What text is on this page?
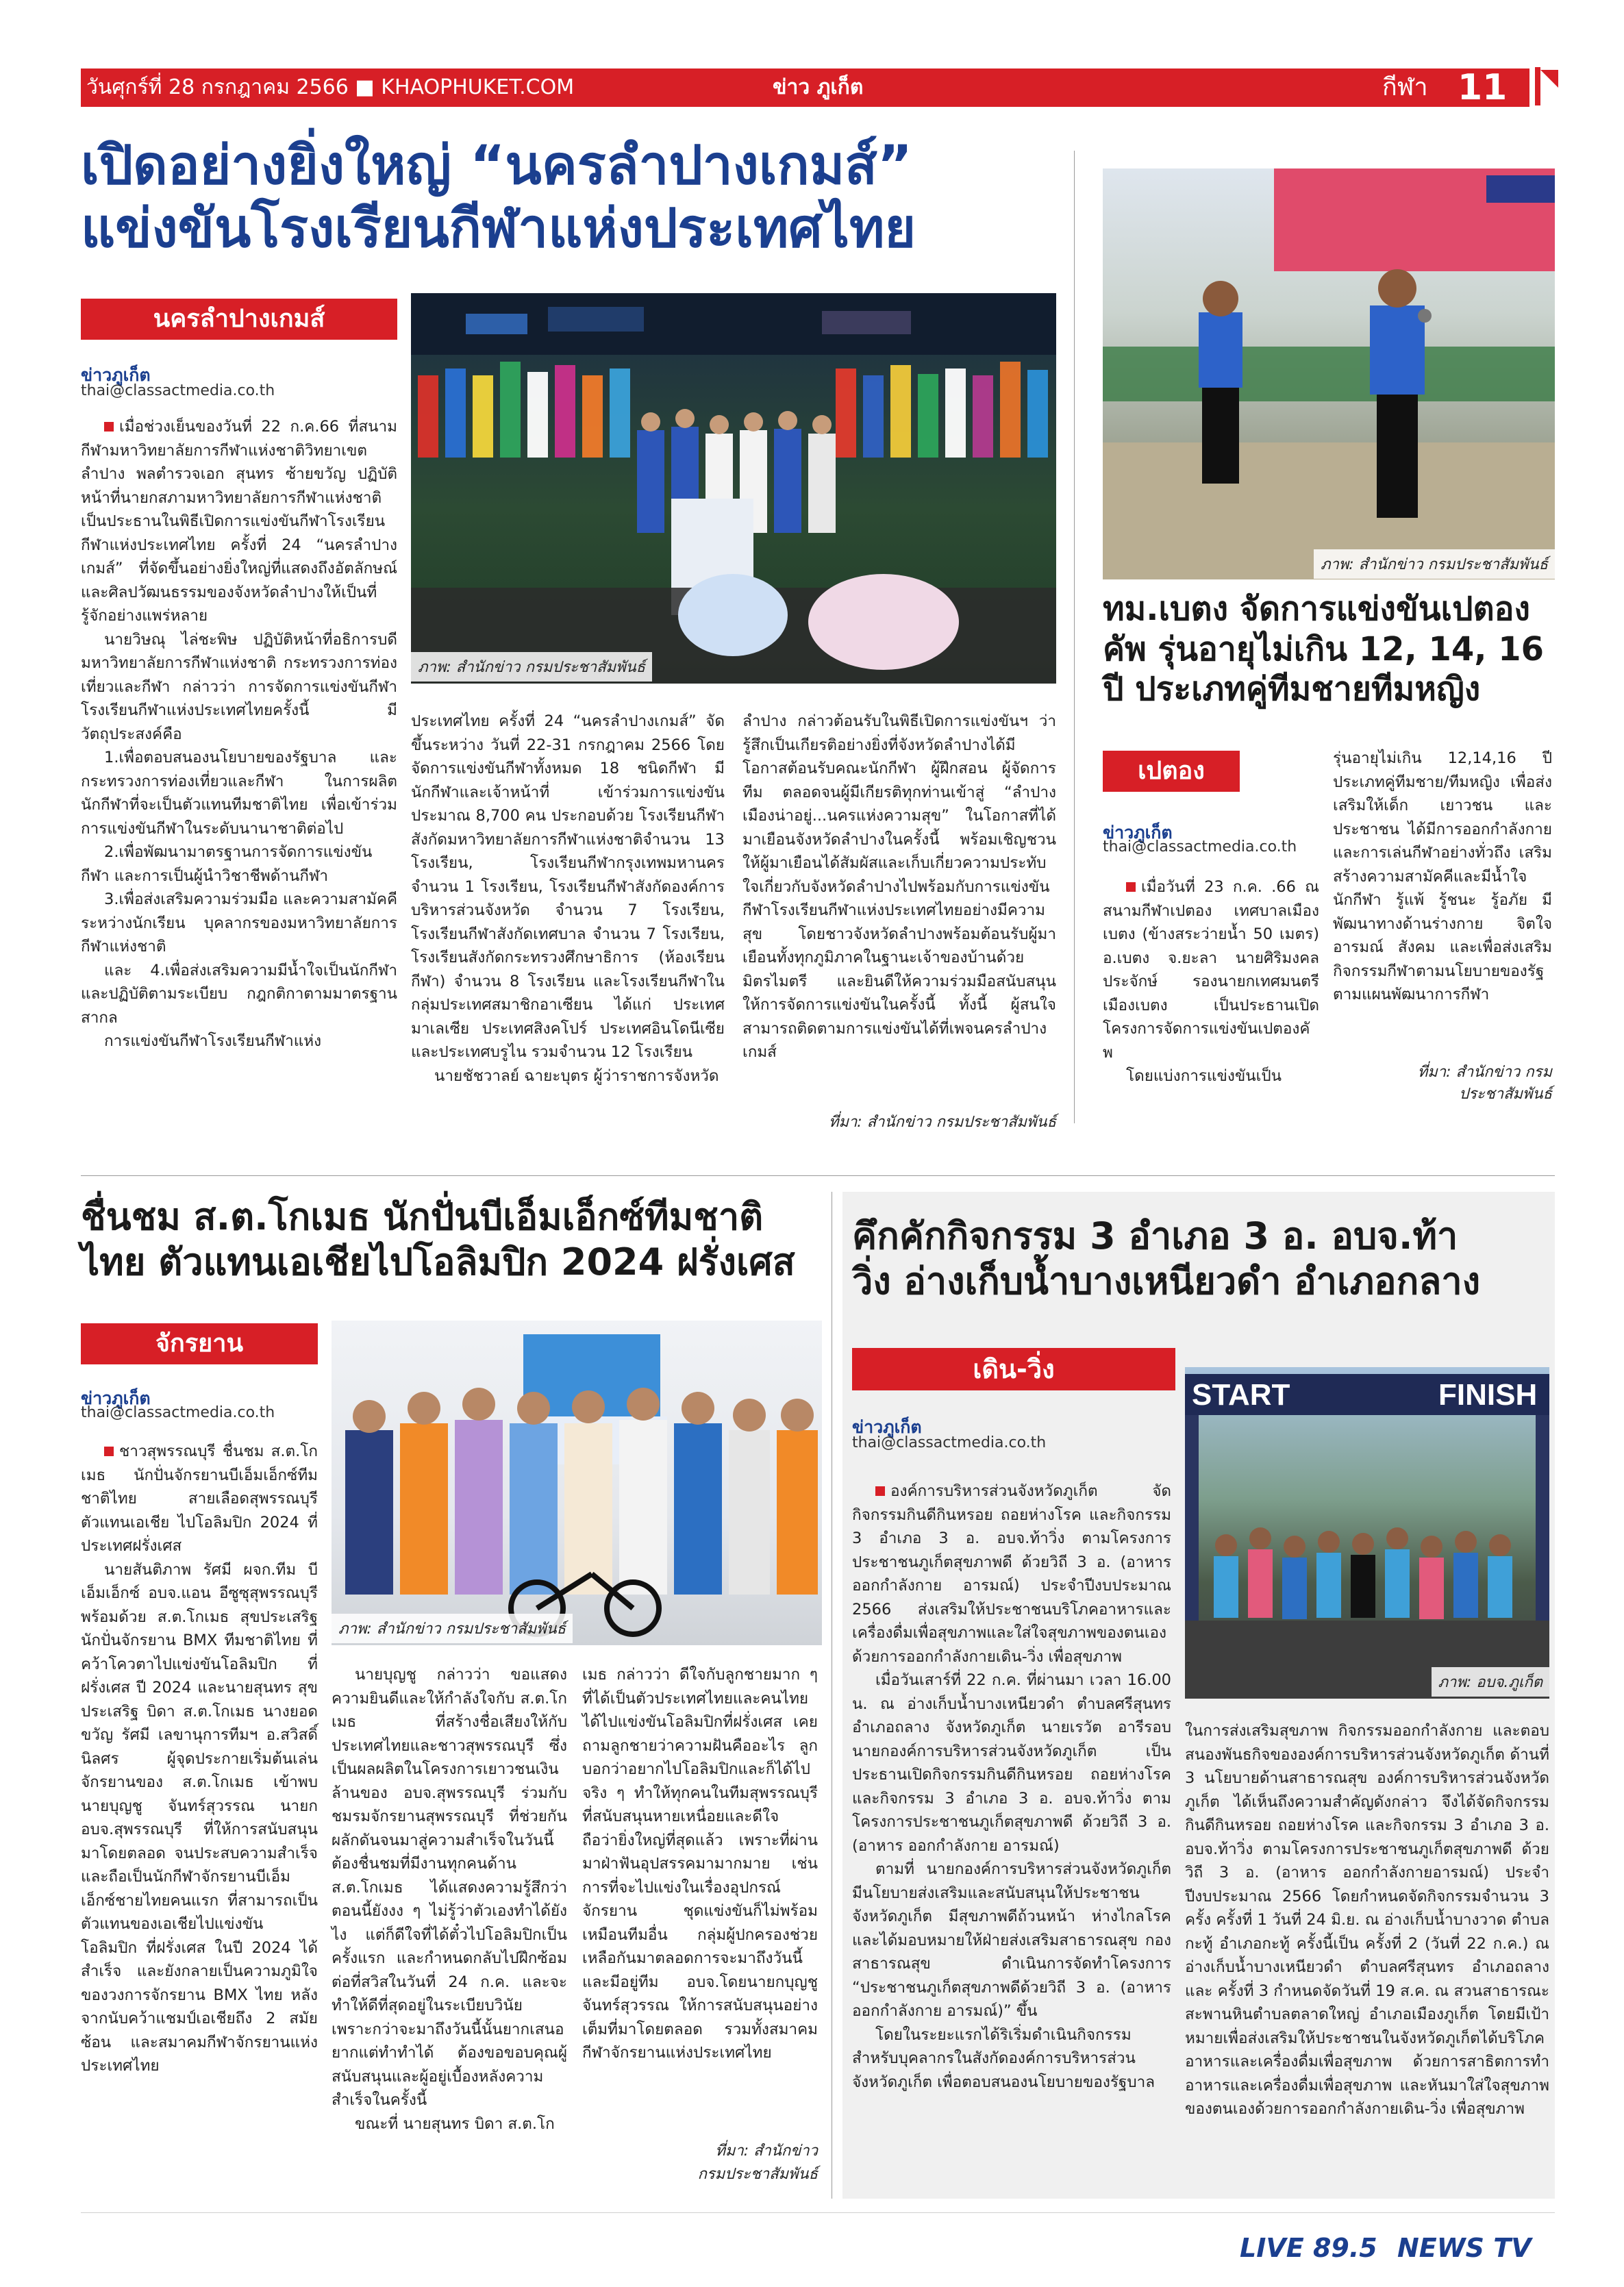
วันศุกร์ที่ 28 กรกฎาคม 2566 ■ KHAOPHUKET.COM	ข่าว ภูเก็ต	กีฬา 11
เปิดอย่างยิ่งใหญ่ “นครลำปางเกมส์”
แข่งขันโรงเรียนกีฬาแห่งประเทศไทย
นครลำปางเกมส์
ข่าวภูเก็ต
thai@classactmedia.co.th
ภาพ: สำนักข่าว กรมประชาสัมพันธ์

เมื่อช่วงเย็นของวันที่ 22 ก.ค.66 ที่สนามกีฬามหาวิทยาลัยการกีฬาแห่งชาติวิทยาเขตลำปาง พลตำรวจเอก สุนทร ซ้ายขวัญ ปฏิบัติหน้าที่นายกสภามหาวิทยาลัยการกีฬาแห่งชาติ เป็นประธานในพิธีเปิดการแข่งขันกีฬาโรงเรียนกีฬาแห่งประเทศไทย ครั้งที่ 24 “นครลำปางเกมส์” ที่จัดขึ้นอย่างยิ่งใหญ่ที่แสดงถึงอัตลักษณ์และศิลปวัฒนธรรมของจังหวัดลำปางให้เป็นที่รู้จักอย่างแพร่หลาย

นายวิษณุ ไล่ชะพิษ ปฏิบัติหน้าที่อธิการบดีมหาวิทยาลัยการกีฬาแห่งชาติ กระทรวงการท่องเที่ยวและกีฬา กล่าวว่า การจัดการแข่งขันกีฬาโรงเรียนกีฬาแห่งประเทศไทยครั้งนี้ มีวัตถุประสงค์คือ

1.เพื่อตอบสนองนโยบายของรัฐบาล และกระทรวงการท่องเที่ยวและกีฬา ในการผลิตนักกีฬาที่จะเป็นตัวแทนทีมชาติไทย เพื่อเข้าร่วมการแข่งขันกีฬาในระดับนานาชาติต่อไป

2.เพื่อพัฒนามาตรฐานการจัดการแข่งขันกีฬา และการเป็นผู้นำวิชาชีพด้านกีฬา

3.เพื่อส่งเสริมความร่วมมือ และความสามัคคี ระหว่างนักเรียน บุคลากรของมหาวิทยาลัยการกีฬาแห่งชาติ

และ 4.เพื่อส่งเสริมความมีน้ำใจเป็นนักกีฬาและปฏิบัติตามระเบียบ กฎกติกาตามมาตรฐานสากล

การแข่งขันกีฬาโรงเรียนกีฬาแห่ง

ประเทศไทย ครั้งที่ 24 “นครลำปางเกมส์” จัดขึ้นระหว่าง วันที่ 22-31 กรกฎาคม 2566 โดยจัดการแข่งขันกีฬาทั้งหมด 18 ชนิดกีฬา มีนักกีฬาและเจ้าหน้าที่ เข้าร่วมการแข่งขันประมาณ 8,700 คน ประกอบด้วย โรงเรียนกีฬาสังกัดมหาวิทยาลัยการกีฬาแห่งชาติจำนวน 13 โรงเรียน, โรงเรียนกีฬากรุงเทพมหานคร จำนวน 1 โรงเรียน, โรงเรียนกีฬาสังกัดองค์การบริหารส่วนจังหวัด จำนวน 7 โรงเรียน, โรงเรียนกีฬาสังกัดเทศบาล จำนวน 7 โรงเรียน, โรงเรียนสังกัดกระทรวงศึกษาธิการ (ห้องเรียนกีฬา) จำนวน 8 โรงเรียน และโรงเรียนกีฬาในกลุ่มประเทศสมาชิกอาเซียน ได้แก่ ประเทศมาเลเซีย ประเทศสิงคโปร์ ประเทศอินโดนีเซีย และประเทศบรูไน รวมจำนวน 12 โรงเรียน

นายชัชวาลย์ ฉายะบุตร ผู้ว่าราชการจังหวัด

ลำปาง กล่าวต้อนรับในพิธีเปิดการแข่งขันฯ ว่า รู้สึกเป็นเกียรติอย่างยิ่งที่จังหวัดลำปางได้มีโอกาสต้อนรับคณะนักกีฬา ผู้ฝึกสอน ผู้จัดการทีม ตลอดจนผู้มีเกียรติทุกท่านเข้าสู่ “ลำปางเมืองน่าอยู่...นครแห่งความสุข” ในโอกาสที่ได้มาเยือนจังหวัดลำปางในครั้งนี้ พร้อมเชิญชวนให้ผู้มาเยือนได้สัมผัสและเก็บเกี่ยวความประทับใจเกี่ยวกับจังหวัดลำปางไปพร้อมกับการแข่งขันกีฬาโรงเรียนกีฬาแห่งประเทศไทยอย่างมีความสุข โดยชาวจังหวัดลำปางพร้อมต้อนรับผู้มาเยือนทั้งทุกภูมิภาคในฐานะเจ้าของบ้านด้วยมิตรไมตรี และยินดีให้ความร่วมมือสนับสนุนให้การจัดการแข่งขันในครั้งนี้ ทั้งนี้ ผู้สนใจสามารถติดตามการแข่งขันได้ที่เพจนครลำปางเกมส์

ที่มา: สำนักข่าว กรมประชาสัมพันธ์
ภาพ: สำนักข่าว กรมประชาสัมพันธ์
ทม.เบตง จัดการแข่งขันเปตอง
คัพ รุ่นอายุไม่เกิน 12, 14, 16
ปี ประเภทคู่ทีมชายทีมหญิง
เปตอง
ข่าวภูเก็ต
thai@classactmedia.co.th

เมื่อวันที่ 23 ก.ค. .66 ณ สนามกีฬาเปตอง เทศบาลเมืองเบตง (ข้างสระว่ายน้ำ 50 เมตร) อ.เบตง จ.ยะลา นายศิริมงคลประจักษ์ รองนายกเทศมนตรีเมืองเบตง เป็นประธานเปิดโครงการจัดการแข่งขันเปตองคัพ

โดยแบ่งการแข่งขันเป็น

รุ่นอายุไม่เกิน 12,14,16 ปี ประเภทคู่ทีมชาย/ทีมหญิง เพื่อส่งเสริมให้เด็ก เยาวชน และประชาชน ได้มีการออกกำลังกายและการเล่นกีฬาอย่างทั่วถึง เสริมสร้างความสามัคคีและมีน้ำใจนักกีฬา รู้แพ้ รู้ชนะ รู้อภัย มีพัฒนาทางด้านร่างกาย จิตใจ อารมณ์ สังคม และเพื่อส่งเสริมกิจกรรมกีฬาตามนโยบายของรัฐตามแผนพัฒนาการกีฬา

ที่มา: สำนักข่าว กรมประชาสัมพันธ์
ชื่นชม ส.ต.โกเมธ นักปั่นบีเอ็มเอ็กซ์ทีมชาติ
ไทย ตัวแทนเอเชียไปโอลิมปิก 2024 ฝรั่งเศส
จักรยาน
ข่าวภูเก็ต
thai@classactmedia.co.th
ภาพ: สำนักข่าว กรมประชาสัมพันธ์

ชาวสุพรรณบุรี ชื่นชม ส.ต.โกเมธ นักปั่นจักรยานบีเอ็มเอ็กซ์ทีมชาติไทย สายเลือดสุพรรณบุรี ตัวแทนเอเชีย ไปโอลิมปิก 2024 ที่ประเทศฝรั่งเศส

นายสันติภาพ รัศมี ผจก.ทีม บีเอ็มเอ็กซ์ อบจ.แอน อีซูซุสุพรรณบุรี พร้อมด้วย ส.ต.โกเมธ สุขประเสริฐ นักปั่นจักรยาน BMX ทีมชาติไทย ที่คว้าโควตาไปแข่งขันโอลิมปิก ที่ฝรั่งเศส ปี 2024 และนายสุนทร สุขประเสริฐ บิดา ส.ต.โกเมธ นางยอดขวัญ รัศมี เลขานุการทีมฯ อ.สวิสดิ์ นิลศร ผู้จุดประกายเริ่มต้นเล่นจักรยานของ ส.ต.โกเมธ เข้าพบ นายบุญชู จันทร์สุวรรณ นายก อบจ.สุพรรณบุรี ที่ให้การสนับสนุนมาโดยตลอด จนประสบความสำเร็จและถือเป็นนักกีฬาจักรยานบีเอ็มเอ็กซ์ชายไทยคนแรก ที่สามารถเป็นตัวแทนของเอเชียไปแข่งขันโอลิมปิก ที่ฝรั่งเศส ในปี 2024 ได้สำเร็จ และยังกลายเป็นความภูมิใจของวงการจักรยาน BMX ไทย หลังจากนับคว้าแชมป์เอเชียถึง 2 สมัยซ้อน และสมาคมกีฬาจักรยานแห่งประเทศไทย

นายบุญชู กล่าวว่า ขอแสดงความยินดีและให้กำลังใจกับ ส.ต.โกเมธ ที่สร้างชื่อเสียงให้กับประเทศไทยและชาวสุพรรณบุรี ซึ่งเป็นผลผลิตในโครงการเยาวชนเงินล้านของ อบจ.สุพรรณบุรี ร่วมกับชมรมจักรยานสุพรรณบุรี ที่ช่วยกันผลักดันจนมาสู่ความสำเร็จในวันนี้ ต้องชื่นชมที่มีงานทุกคนด้าน ส.ต.โกเมธ ได้แสดงความรู้สึกว่าตอนนี้ยังงง ๆ ไม่รู้ว่าตัวเองทำได้ยังไง แต่ก็ดีใจที่ได้ตั๋วไปโอลิมปิกเป็นครั้งแรก และกำหนดกลับไปฝึกซ้อมต่อที่สวิสในวันที่ 24 ก.ค. และจะทำให้ดีที่สุดอยู่ในระเบียบวินัย เพราะกว่าจะมาถึงวันนี้นั้นยากเสนอยากแต่ทำทำได้ ต้องขอขอบคุณผู้สนับสนุนและผู้อยู่เบื้องหลังความสำเร็จในครั้งนี้

ขณะที่ นายสุนทร บิดา ส.ต.โก

เมธ กล่าวว่า ดีใจกับลูกชายมาก ๆ ที่ได้เป็นตัวประเทศไทยและคนไทยได้ไปแข่งขันโอลิมปิกที่ฝรั่งเศส เคยถามลูกชายว่าความฝันคืออะไร ลูกบอกว่าอยากไปโอลิมปิกและก็ได้ไปจริง ๆ ทำให้ทุกคนในทีมสุพรรณบุรีที่สนับสนุนหายเหนื่อยและดีใจ ถือว่ายิ่งใหญ่ที่สุดแล้ว เพราะที่ผ่านมาฝ่าฟันอุปสรรคมามากมาย เช่น การที่จะไปแข่งในเรื่องอุปกรณ์จักรยาน ชุดแข่งขันก็ไม่พร้อมเหมือนทีมอื่น กลุ่มผู้ปกครองช่วยเหลือกันมาตลอดการจะมาถึงวันนี้ และมีอยู่ทีม อบจ.โดยนายกบุญชู จันทร์สุวรรณ ให้การสนับสนุนอย่างเต็มที่มาโดยตลอด รวมทั้งสมาคมกีฬาจักรยานแห่งประเทศไทย

ที่มา: สำนักข่าว
กรมประชาสัมพันธ์
คึกคักกิจกรรม 3 อำเภอ 3 อ. อบจ.ท้า
วิ่ง อ่างเก็บน้ำบางเหนียวดำ อำเภอกลาง
เดิน-วิ่ง
ข่าวภูเก็ต
thai@classactmedia.co.th
START	FINISH
ภาพ: อบจ.ภูเก็ต

องค์การบริหารส่วนจังหวัดภูเก็ต จัดกิจกรรมกินดีกินหรอย ถอยห่างโรค และกิจกรรม 3 อำเภอ 3 อ. อบจ.ท้าวิ่ง ตามโครงการประชาชนภูเก็ตสุขภาพดี ด้วยวิถี 3 อ. (อาหาร ออกกำลังกาย อารมณ์) ประจำปีงบประมาณ 2566 ส่งเสริมให้ประชาชนบริโภคอาหารและเครื่องดื่มเพื่อสุขภาพและใส่ใจสุขภาพของตนเองด้วยการออกกำลังกายเดิน-วิ่ง เพื่อสุขภาพ

เมื่อวันเสาร์ที่ 22 ก.ค. ที่ผ่านมา เวลา 16.00 น. ณ อ่างเก็บน้ำบางเหนียวดำ ตำบลศรีสุนทร อำเภอถลาง จังหวัดภูเก็ต นายเรวัต อารีรอบ นายกองค์การบริหารส่วนจังหวัดภูเก็ต เป็นประธานเปิดกิจกรรมกินดีกินหรอย ถอยห่างโรค และกิจกรรม 3 อำเภอ 3 อ. อบจ.ท้าวิ่ง ตามโครงการประชาชนภูเก็ตสุขภาพดี ด้วยวิถี 3 อ. (อาหาร ออกกำลังกาย อารมณ์)

ตามที่ นายกองค์การบริหารส่วนจังหวัดภูเก็ต มีนโยบายส่งเสริมและสนับสนุนให้ประชาชนจังหวัดภูเก็ต มีสุขภาพดีถ้วนหน้า ห่างไกลโรค และได้มอบหมายให้ฝ่ายส่งเสริมสาธารณสุข กองสาธารณสุข ดำเนินการจัดทำโครงการ “ประชาชนภูเก็ตสุขภาพดีด้วยวิถี 3 อ. (อาหาร ออกกำลังกาย อารมณ์)” ขึ้น

โดยในระยะแรกได้ริเริ่มดำเนินกิจกรรมสำหรับบุคลากรในสังกัดองค์การบริหารส่วนจังหวัดภูเก็ต เพื่อตอบสนองนโยบายของรัฐบาล

ในการส่งเสริมสุขภาพ กิจกรรมออกกำลังกาย และตอบสนองพันธกิจขององค์การบริหารส่วนจังหวัดภูเก็ต ด้านที่ 3 นโยบายด้านสาธารณสุข องค์การบริหารส่วนจังหวัดภูเก็ต ได้เห็นถึงความสำคัญดังกล่าว จึงได้จัดกิจกรรมกินดีกินหรอย ถอยห่างโรค และกิจกรรม 3 อำเภอ 3 อ. อบจ.ท้าวิ่ง ตามโครงการประชาชนภูเก็ตสุขภาพดี ด้วยวิถี 3 อ. (อาหาร ออกกำลังกายอารมณ์) ประจำปีงบประมาณ 2566 โดยกำหนดจัดกิจกรรมจำนวน 3 ครั้ง ครั้งที่ 1 วันที่ 24 มิ.ย. ณ อ่างเก็บน้ำบางวาด ตำบลกะทู้ อำเภอกะทู้ ครั้งนี้เป็น ครั้งที่ 2 (วันที่ 22 ก.ค.) ณ อ่างเก็บน้ำบางเหนียวดำ ตำบลศรีสุนทร อำเภอถลาง และ ครั้งที่ 3 กำหนดจัดวันที่ 19 ส.ค. ณ สวนสาธารณะสะพานหินตำบลตลาดใหญ่ อำเภอเมืองภูเก็ต โดยมีเป้าหมายเพื่อส่งเสริมให้ประชาชนในจังหวัดภูเก็ตได้บริโภคอาหารและเครื่องดื่มเพื่อสุขภาพ ด้วยการสาธิตการทำอาหารและเครื่องดื่มเพื่อสุขภาพ และหันมาใส่ใจสุขภาพของตนเองด้วยการออกกำลังกายเดิน-วิ่ง เพื่อสุขภาพ

LIVE 89.5 NEWS TV
